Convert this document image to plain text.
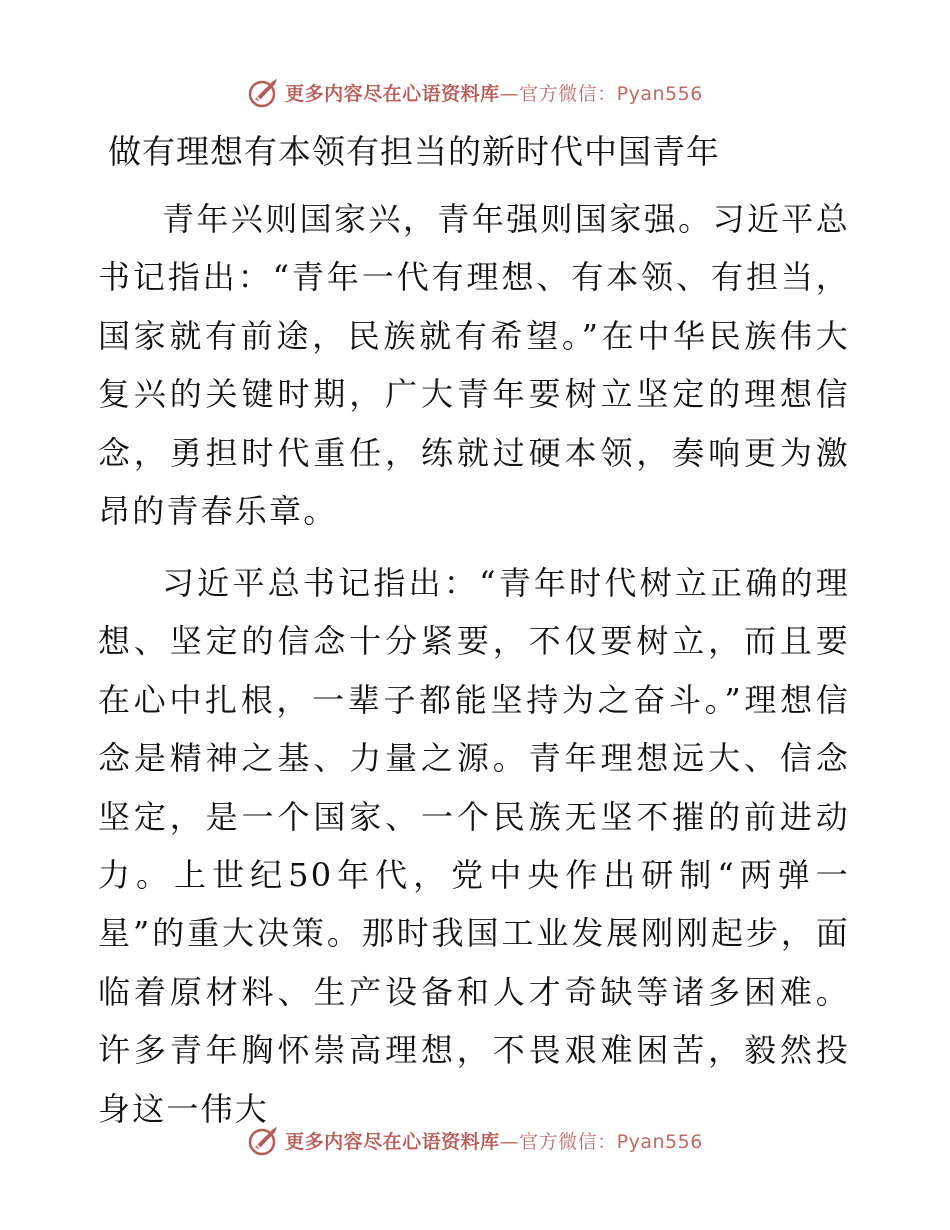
更多内容尽在心语资料库—官方微信：Pyan556
做有理想有本领有担当的新时代中国青年

青年兴则国家兴，青年强则国家强。习近平总书记指出：“青年一代有理想、有本领、有担当，国家就有前途，民族就有希望。”在中华民族伟大复兴的关键时期，广大青年要树立坚定的理想信念，勇担时代重任，练就过硬本领，奏响更为激昂的青春乐章。

习近平总书记指出：“青年时代树立正确的理想、坚定的信念十分紧要，不仅要树立，而且要在心中扎根，一辈子都能坚持为之奋斗。”理想信念是精神之基、力量之源。青年理想远大、信念坚定，是一个国家、一个民族无坚不摧的前进动力。上世纪50年代，党中央作出研制“两弹一星”的重大决策。那时我国工业发展刚刚起步，面临着原材料、生产设备和人才奇缺等诸多困难。许多青年胸怀崇高理想，不畏艰难困苦，毅然投身这一伟大

更多内容尽在心语资料库—官方微信：Pyan556
